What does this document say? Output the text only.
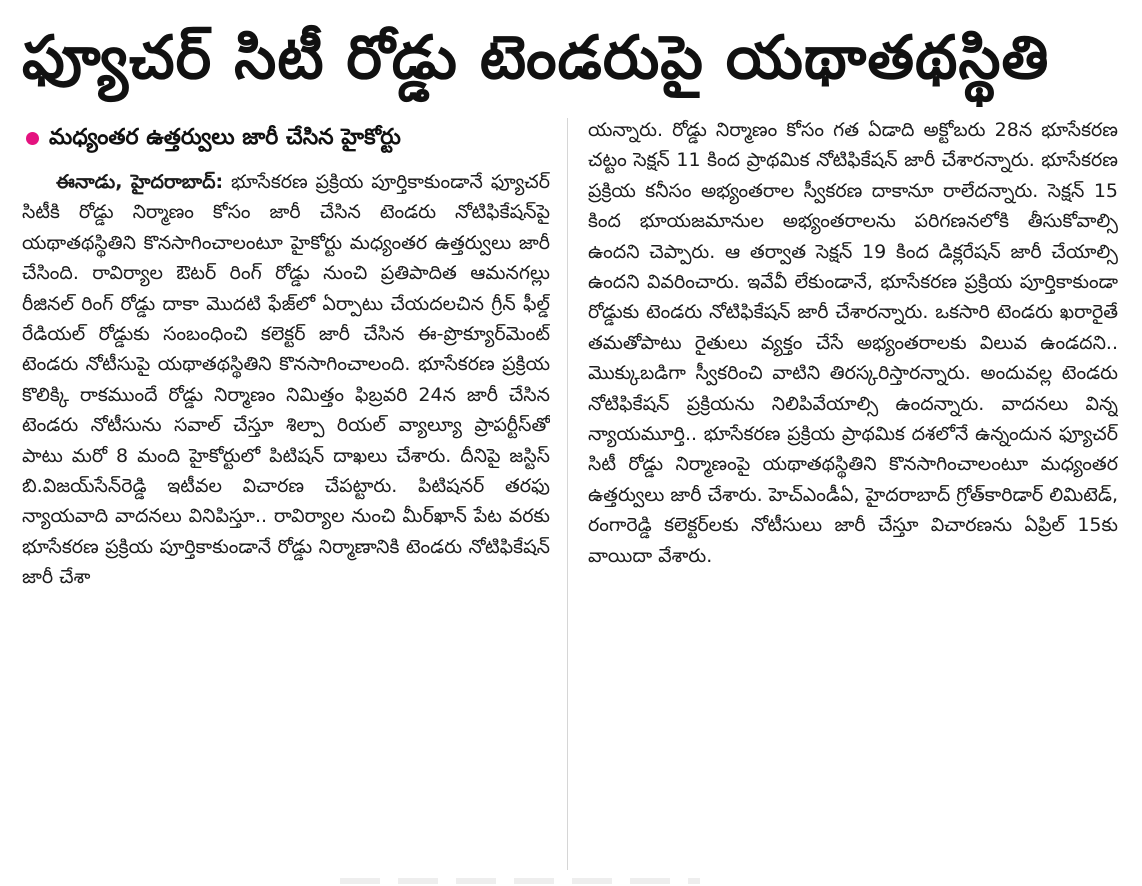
ఫ్యూచర్ సిటీ రోడ్డు టెండరుపై యథాతథస్థితి
మధ్యంతర ఉత్తర్వులు జారీ చేసిన హైకోర్టు

ఈనాడు, హైదరాబాద్: భూసేకరణ ప్రక్రియ పూర్తికాకుండానే ఫ్యూచర్ సిటీకి రోడ్డు నిర్మాణం కోసం జారీ చేసిన టెండరు నోటిఫికేషన్‌పై యథాతథస్థితిని కొనసాగించాలంటూ హైకోర్టు మధ్యంతర ఉత్తర్వులు జారీ చేసింది. రావిర్యాల ఔటర్ రింగ్ రోడ్డు నుంచి ప్రతిపాదిత ఆమనగల్లు రీజినల్ రింగ్ రోడ్డు దాకా మొదటి ఫేజ్‌లో ఏర్పాటు చేయదలచిన గ్రీన్ ఫీల్డ్ రేడియల్ రోడ్డుకు సంబంధించి కలెక్టర్ జారీ చేసిన ఈ-ప్రొక్యూర్‌మెంట్ టెండరు నోటీసుపై యథాతథస్థితిని కొనసాగించాలంది. భూసేకరణ ప్రక్రియ కొలిక్కి రాకముందే రోడ్డు నిర్మాణం నిమిత్తం ఫిబ్రవరి 24న జారీ చేసిన టెండరు నోటీసును సవాల్ చేస్తూ శిల్పా రియల్ వ్యాల్యూ ప్రాపర్టీస్‌తో పాటు మరో 8 మంది హైకోర్టులో పిటిషన్ దాఖలు చేశారు. దీనిపై జస్టిస్ బి.విజయ్‌సేన్‌రెడ్డి ఇటీవల విచారణ చేపట్టారు. పిటిషనర్ తరఫు న్యాయవాది వాదనలు వినిపిస్తూ.. రావిర్యాల నుంచి మీర్‌ఖాన్ పేట వరకు భూసేకరణ ప్రక్రియ పూర్తికాకుండానే రోడ్డు నిర్మాణానికి టెండరు నోటిఫికేషన్ జారీ చేశా

యన్నారు. రోడ్డు నిర్మాణం కోసం గత ఏడాది అక్టోబరు 28న భూసేకరణ చట్టం సెక్షన్ 11 కింద ప్రాథమిక నోటిఫికేషన్ జారీ చేశారన్నారు. భూసేకరణ ప్రక్రియ కనీసం అభ్యంతరాల స్వీకరణ దాకానూ రాలేదన్నారు. సెక్షన్ 15 కింద భూయజమానుల అభ్యంతరాలను పరిగణనలోకి తీసుకోవాల్సి ఉందని చెప్పారు. ఆ తర్వాత సెక్షన్ 19 కింద డిక్లరేషన్ జారీ చేయాల్సి ఉందని వివరించారు. ఇవేవీ లేకుండానే, భూసేకరణ ప్రక్రియ పూర్తికాకుండా రోడ్డుకు టెండరు నోటిఫికేషన్ జారీ చేశారన్నారు. ఒకసారి టెండరు ఖరారైతే తమతోపాటు రైతులు వ్యక్తం చేసే అభ్యంతరాలకు విలువ ఉండదని.. మొక్కుబడిగా స్వీకరించి వాటిని తిరస్కరిస్తారన్నారు. అందువల్ల టెండరు నోటిఫికేషన్ ప్రక్రియను నిలిపివేయాల్సి ఉందన్నారు. వాదనలు విన్న న్యాయమూర్తి.. భూసేకరణ ప్రక్రియ ప్రాథమిక దశలోనే ఉన్నందున ఫ్యూచర్ సిటీ రోడ్డు నిర్మాణంపై యథాతథస్థితిని కొనసాగించాలంటూ మధ్యంతర ఉత్తర్వులు జారీ చేశారు. హెచ్ఎండీఏ, హైదరాబాద్ గ్రోత్‌కారిడార్ లిమిటెడ్, రంగారెడ్డి కలెక్టర్‌లకు నోటీసులు జారీ చేస్తూ విచారణను ఏప్రిల్ 15కు వాయిదా వేశారు.
